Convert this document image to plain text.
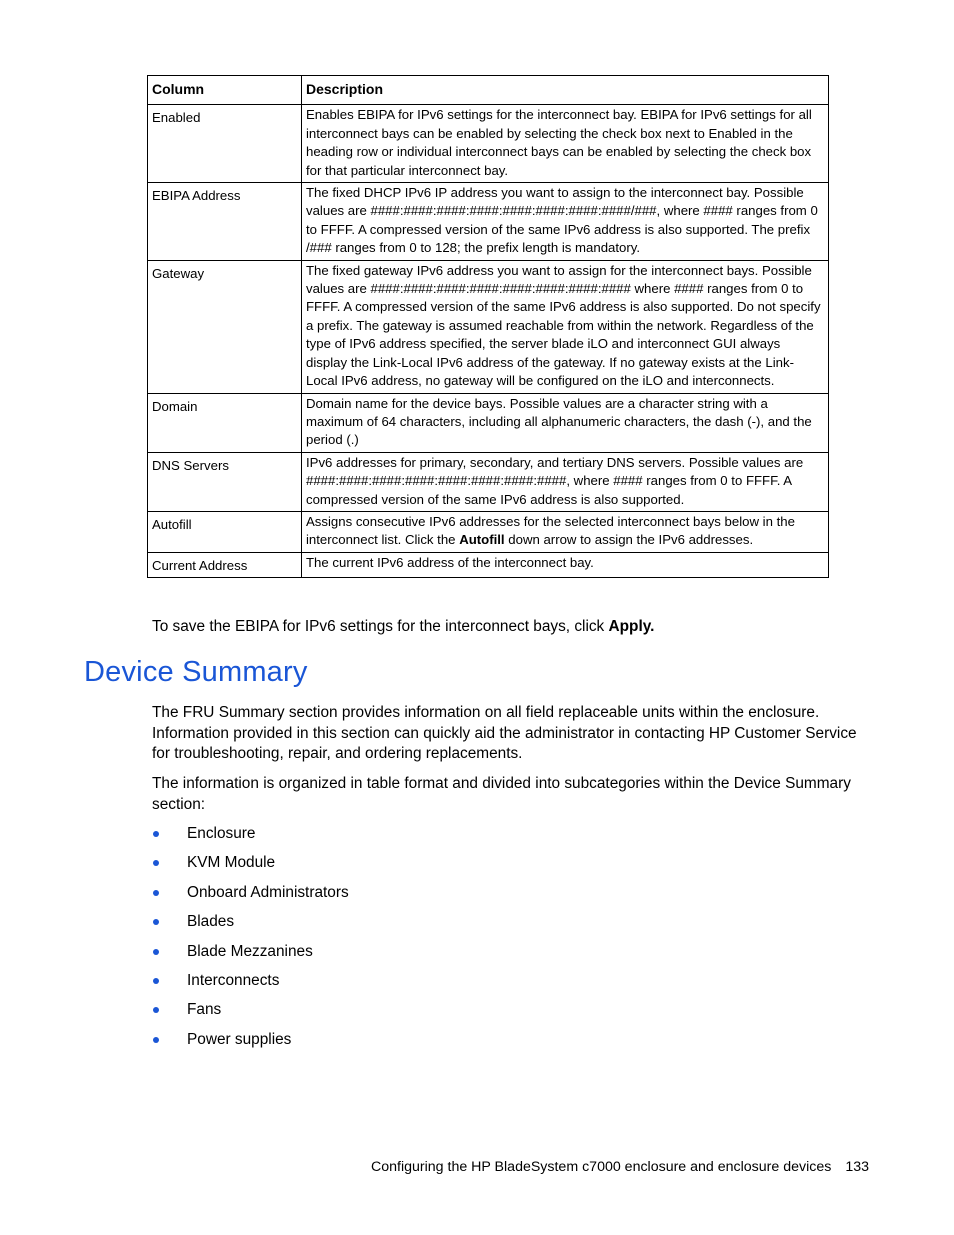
Column	Description
Enabled	Enables EBIPA for IPv6 settings for the interconnect bay. EBIPA for IPv6 settings for all interconnect bays can be enabled by selecting the check box next to Enabled in the heading row or individual interconnect bays can be enabled by selecting the check box for that particular interconnect bay.
EBIPA Address	The fixed DHCP IPv6 IP address you want to assign to the interconnect bay. Possible values are ####:####:####:####:####:####:####:####/###, where #### ranges from 0 to FFFF. A compressed version of the same IPv6 address is also supported. The prefix /### ranges from 0 to 128; the prefix length is mandatory.
Gateway	The fixed gateway IPv6 address you want to assign for the interconnect bays. Possible values are ####:####:####:####:####:####:####:#### where #### ranges from 0 to FFFF. A compressed version of the same IPv6 address is also supported. Do not specify a prefix. The gateway is assumed reachable from within the network. Regardless of the type of IPv6 address specified, the server blade iLO and interconnect GUI always display the Link-Local IPv6 address of the gateway. If no gateway exists at the Link-Local IPv6 address, no gateway will be configured on the iLO and interconnects.
Domain	Domain name for the device bays. Possible values are a character string with a maximum of 64 characters, including all alphanumeric characters, the dash (-), and the period (.)
DNS Servers	IPv6 addresses for primary, secondary, and tertiary DNS servers. Possible values are ####:####:####:####:####:####:####:####, where #### ranges from 0 to FFFF. A compressed version of the same IPv6 address is also supported.
Autofill	Assigns consecutive IPv6 addresses for the selected interconnect bays below in the interconnect list. Click the Autofill down arrow to assign the IPv6 addresses.
Current Address	The current IPv6 address of the interconnect bay.

To save the EBIPA for IPv6 settings for the interconnect bays, click Apply.

Device Summary

The FRU Summary section provides information on all field replaceable units within the enclosure. Information provided in this section can quickly aid the administrator in contacting HP Customer Service for troubleshooting, repair, and ordering replacements.

The information is organized in table format and divided into subcategories within the Device Summary section:

Enclosure
KVM Module
Onboard Administrators
Blades
Blade Mezzanines
Interconnects
Fans
Power supplies
Configuring the HP BladeSystem c7000 enclosure and enclosure devices 133
